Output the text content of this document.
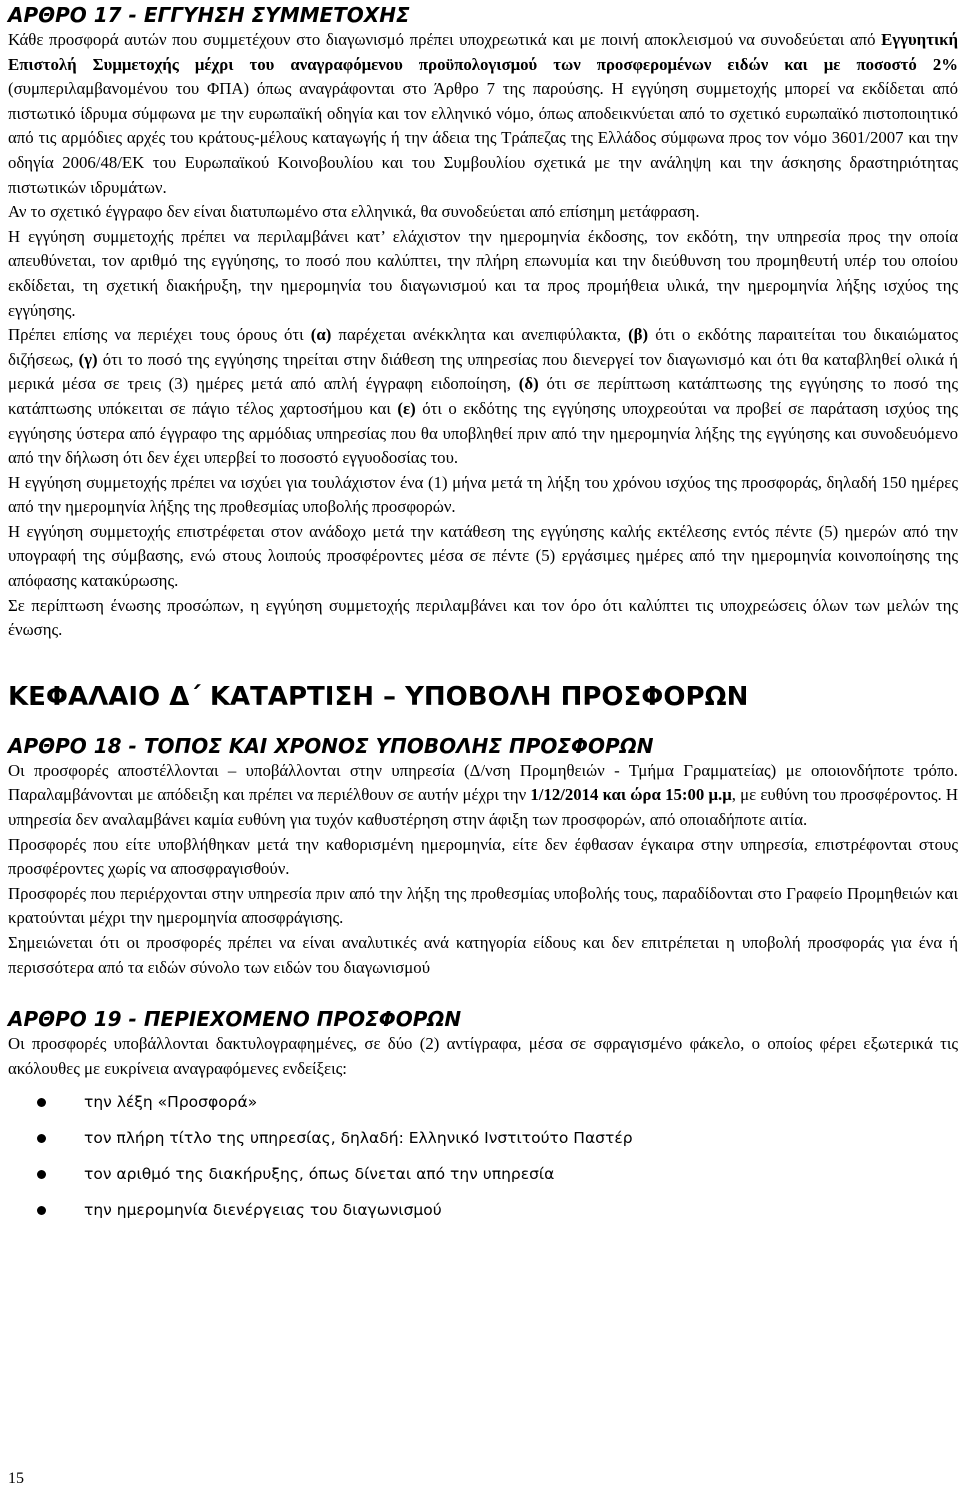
ΑΡΘΡΟ 17 - ΕΓΓΥΗΣΗ ΣΥΜΜΕΤΟΧΗΣ

Κάθε προσφορά αυτών που συμμετέχουν στο διαγωνισμό πρέπει υποχρεωτικά και με ποινή αποκλεισμού να συνοδεύεται από Εγγυητική Επιστολή Συμμετοχής μέχρι του αναγραφόμενου προϋπολογισμού των προσφερομένων ειδών και με ποσοστό 2% (συμπεριλαμβανομένου του ΦΠΑ) όπως αναγράφονται στο Άρθρο 7 της παρούσης. Η εγγύηση συμμετοχής μπορεί να εκδίδεται από πιστωτικό ίδρυμα σύμφωνα με την ευρωπαϊκή οδηγία και τον ελληνικό νόμο, όπως αποδεικνύεται από το σχετικό ευρωπαϊκό πιστοποιητικό από τις αρμόδιες αρχές του κράτους-μέλους καταγωγής ή την άδεια της Τράπεζας της Ελλάδος σύμφωνα προς τον νόμο 3601/2007 και την οδηγία 2006/48/ΕΚ του Ευρωπαϊκού Κοινοβουλίου και του Συμβουλίου σχετικά με την ανάληψη και την άσκησης δραστηριότητας πιστωτικών ιδρυμάτων.

Αν το σχετικό έγγραφο δεν είναι διατυπωμένο στα ελληνικά, θα συνοδεύεται από επίσημη μετάφραση.

Η εγγύηση συμμετοχής πρέπει να περιλαμβάνει κατ’ ελάχιστον την ημερομηνία έκδοσης, τον εκδότη, την υπηρεσία προς την οποία απευθύνεται, τον αριθμό της εγγύησης, το ποσό που καλύπτει, την πλήρη επωνυμία και την διεύθυνση του προμηθευτή υπέρ του οποίου εκδίδεται, τη σχετική διακήρυξη, την ημερομηνία του διαγωνισμού και τα προς προμήθεια υλικά, την ημερομηνία λήξης ισχύος της εγγύησης.

Πρέπει επίσης να περιέχει τους όρους ότι (α) παρέχεται ανέκκλητα και ανεπιφύλακτα, (β) ότι ο εκδότης παραιτείται του δικαιώματος διζήσεως, (γ) ότι το ποσό της εγγύησης τηρείται στην διάθεση της υπηρεσίας που διενεργεί τον διαγωνισμό και ότι θα καταβληθεί ολικά ή μερικά μέσα σε τρεις (3) ημέρες μετά από απλή έγγραφη ειδοποίηση, (δ) ότι σε περίπτωση κατάπτωσης της εγγύησης το ποσό της κατάπτωσης υπόκειται σε πάγιο τέλος χαρτοσήμου και (ε) ότι ο εκδότης της εγγύησης υποχρεούται να προβεί σε παράταση ισχύος της εγγύησης ύστερα από έγγραφο της αρμόδιας υπηρεσίας που θα υποβληθεί πριν από την ημερομηνία λήξης της εγγύησης και συνοδευόμενο από την δήλωση ότι δεν έχει υπερβεί το ποσοστό εγγυοδοσίας του.

Η εγγύηση συμμετοχής πρέπει να ισχύει για τουλάχιστον ένα (1) μήνα μετά τη λήξη του χρόνου ισχύος της προσφοράς, δηλαδή 150 ημέρες από την ημερομηνία λήξης της προθεσμίας υποβολής προσφορών.

Η εγγύηση συμμετοχής επιστρέφεται στον ανάδοχο μετά την κατάθεση της εγγύησης καλής εκτέλεσης εντός πέντε (5) ημερών από την υπογραφή της σύμβασης, ενώ στους λοιπούς προσφέροντες μέσα σε πέντε (5) εργάσιμες ημέρες από την ημερομηνία κοινοποίησης της απόφασης κατακύρωσης.

Σε περίπτωση ένωσης προσώπων, η εγγύηση συμμετοχής περιλαμβάνει και τον όρο ότι καλύπτει τις υποχρεώσεις όλων των μελών της ένωσης.

ΚΕΦΑΛΑΙΟ Δ΄ ΚΑΤΑΡΤΙΣΗ – ΥΠΟΒΟΛΗ ΠΡΟΣΦΟΡΩΝ
ΑΡΘΡΟ 18 - ΤΟΠΟΣ ΚΑΙ ΧΡΟΝΟΣ ΥΠΟΒΟΛΗΣ ΠΡΟΣΦΟΡΩΝ

Οι προσφορές αποστέλλονται – υποβάλλονται στην υπηρεσία (Δ/νση Προμηθειών - Τμήμα Γραμματείας) με οποιονδήποτε τρόπο. Παραλαμβάνονται με απόδειξη και πρέπει να περιέλθουν σε αυτήν μέχρι την 1/12/2014 και ώρα 15:00 μ.μ, με ευθύνη του προσφέροντος. Η υπηρεσία δεν αναλαμβάνει καμία ευθύνη για τυχόν καθυστέρηση στην άφιξη των προσφορών, από οποιαδήποτε αιτία.

Προσφορές που είτε υποβλήθηκαν μετά την καθορισμένη ημερομηνία, είτε δεν έφθασαν έγκαιρα στην υπηρεσία, επιστρέφονται στους προσφέροντες χωρίς να αποσφραγισθούν.

Προσφορές που περιέρχονται στην υπηρεσία πριν από την λήξη της προθεσμίας υποβολής τους, παραδίδονται στο Γραφείο Προμηθειών και κρατούνται μέχρι την ημερομηνία αποσφράγισης.

Σημειώνεται ότι οι προσφορές πρέπει να είναι αναλυτικές ανά κατηγορία είδους και δεν επιτρέπεται η υποβολή προσφοράς για ένα ή περισσότερα από τα ειδών σύνολο των ειδών του διαγωνισμού

ΑΡΘΡΟ 19 - ΠΕΡΙΕΧΟΜΕΝΟ ΠΡΟΣΦΟΡΩΝ

Οι προσφορές υποβάλλονται δακτυλογραφημένες, σε δύο (2) αντίγραφα, μέσα σε σφραγισμένο φάκελο, ο οποίος φέρει εξωτερικά τις ακόλουθες με ευκρίνεια αναγραφόμενες ενδείξεις:

την λέξη «Προσφορά»
τον πλήρη τίτλο της υπηρεσίας, δηλαδή: Ελληνικό Ινστιτούτο Παστέρ
τον αριθμό της διακήρυξης, όπως δίνεται από την υπηρεσία
την ημερομηνία διενέργειας του διαγωνισμού
15
